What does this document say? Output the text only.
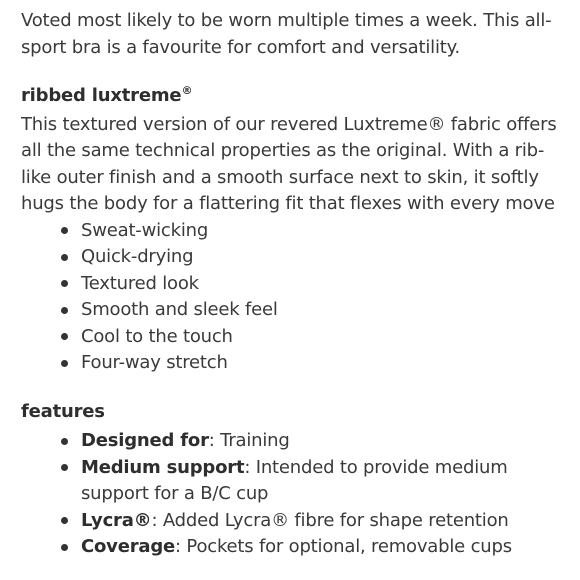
Voted most likely to be worn multiple times a week. This all-sport bra is a favourite for comfort and versatility.

ribbed luxtreme®

This textured version of our revered Luxtreme® fabric offers all the same technical properties as the original. With a rib-like outer finish and a smooth surface next to skin, it softly hugs the body for a flattering fit that flexes with every move

Sweat-wicking
Quick-drying
Textured look
Smooth and sleek feel
Cool to the touch
Four-way stretch
features
Designed for: Training
Medium support: Intended to provide medium support for a B/C cup
Lycra®: Added Lycra® fibre for shape retention
Coverage: Pockets for optional, removable cups
